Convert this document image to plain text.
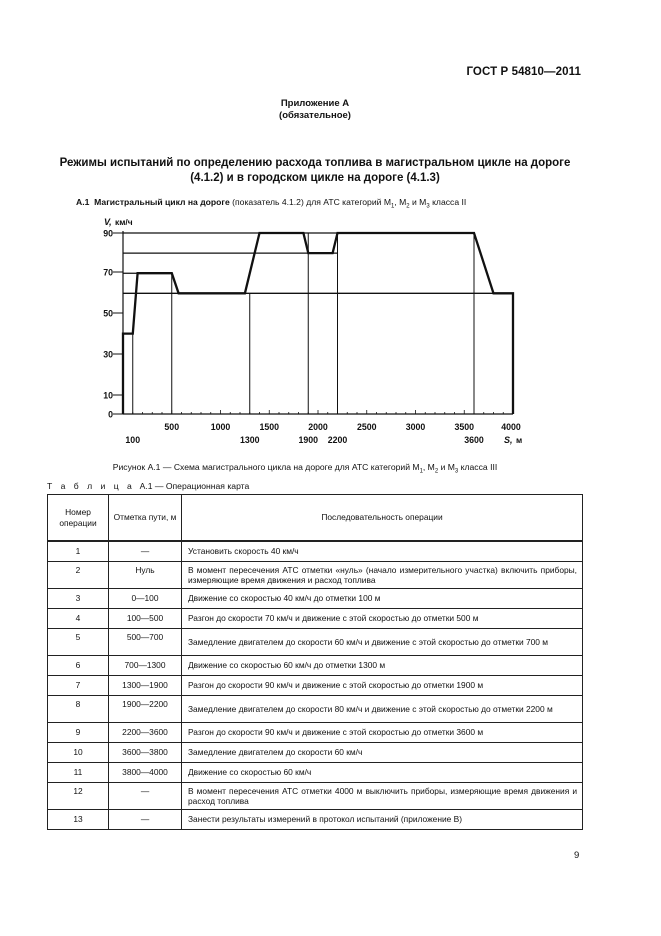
ГОСТ Р 54810—2011
Приложение А
(обязательное)
Режимы испытаний по определению расхода топлива в магистральном цикле на дороге
(4.1.2) и в городском цикле на дороге (4.1.3)
А.1 Магистральный цикл на дороге (показатель 4.1.2) для АТС категорий $М_1$, $М_2$ и $М_3$ класса II
90
70
50
30
10
0
V, км/ч
500	1000	1500	2000	2500	3000	3500	4000
100	1300	1900 2200	3600 S, м
Рисунок А.1 — Схема магистрального цикла на дороге для АТС категорий $М_1$, $М_2$ и $М_3$ класса III
Т а б л и ц а А.1 — Операционная карта
Номер операции	Отметка пути, м	Последовательность операции
1	—	Установить скорость 40 км/ч
2	Нуль	В момент пересечения АТС отметки «нуль» (начало измерительного участка) включить приборы, измеряющие время движения и расход топлива
3	0—100	Движение со скоростью 40 км/ч до отметки 100 м
4	100—500	Разгон до скорости 70 км/ч и движение с этой скоростью до отметки 500 м
5	500—700	Замедление двигателем до скорости 60 км/ч и движение с этой скоростью до отметки 700 м
6	700—1300	Движение со скоростью 60 км/ч до отметки 1300 м
7	1300—1900	Разгон до скорости 90 км/ч и движение с этой скоростью до отметки 1900 м
8	1900—2200	Замедление двигателем до скорости 80 км/ч и движение с этой скоростью до отметки 2200 м
9	2200—3600	Разгон до скорости 90 км/ч и движение с этой скоростью до отметки 3600 м
10	3600—3800	Замедление двигателем до скорости 60 км/ч
11	3800—4000	Движение со скоростью 60 км/ч
12	—	В момент пересечения АТС отметки 4000 м выключить приборы, измеряющие время движения и расход топлива
13	—	Занести результаты измерений в протокол испытаний (приложение В)
9
